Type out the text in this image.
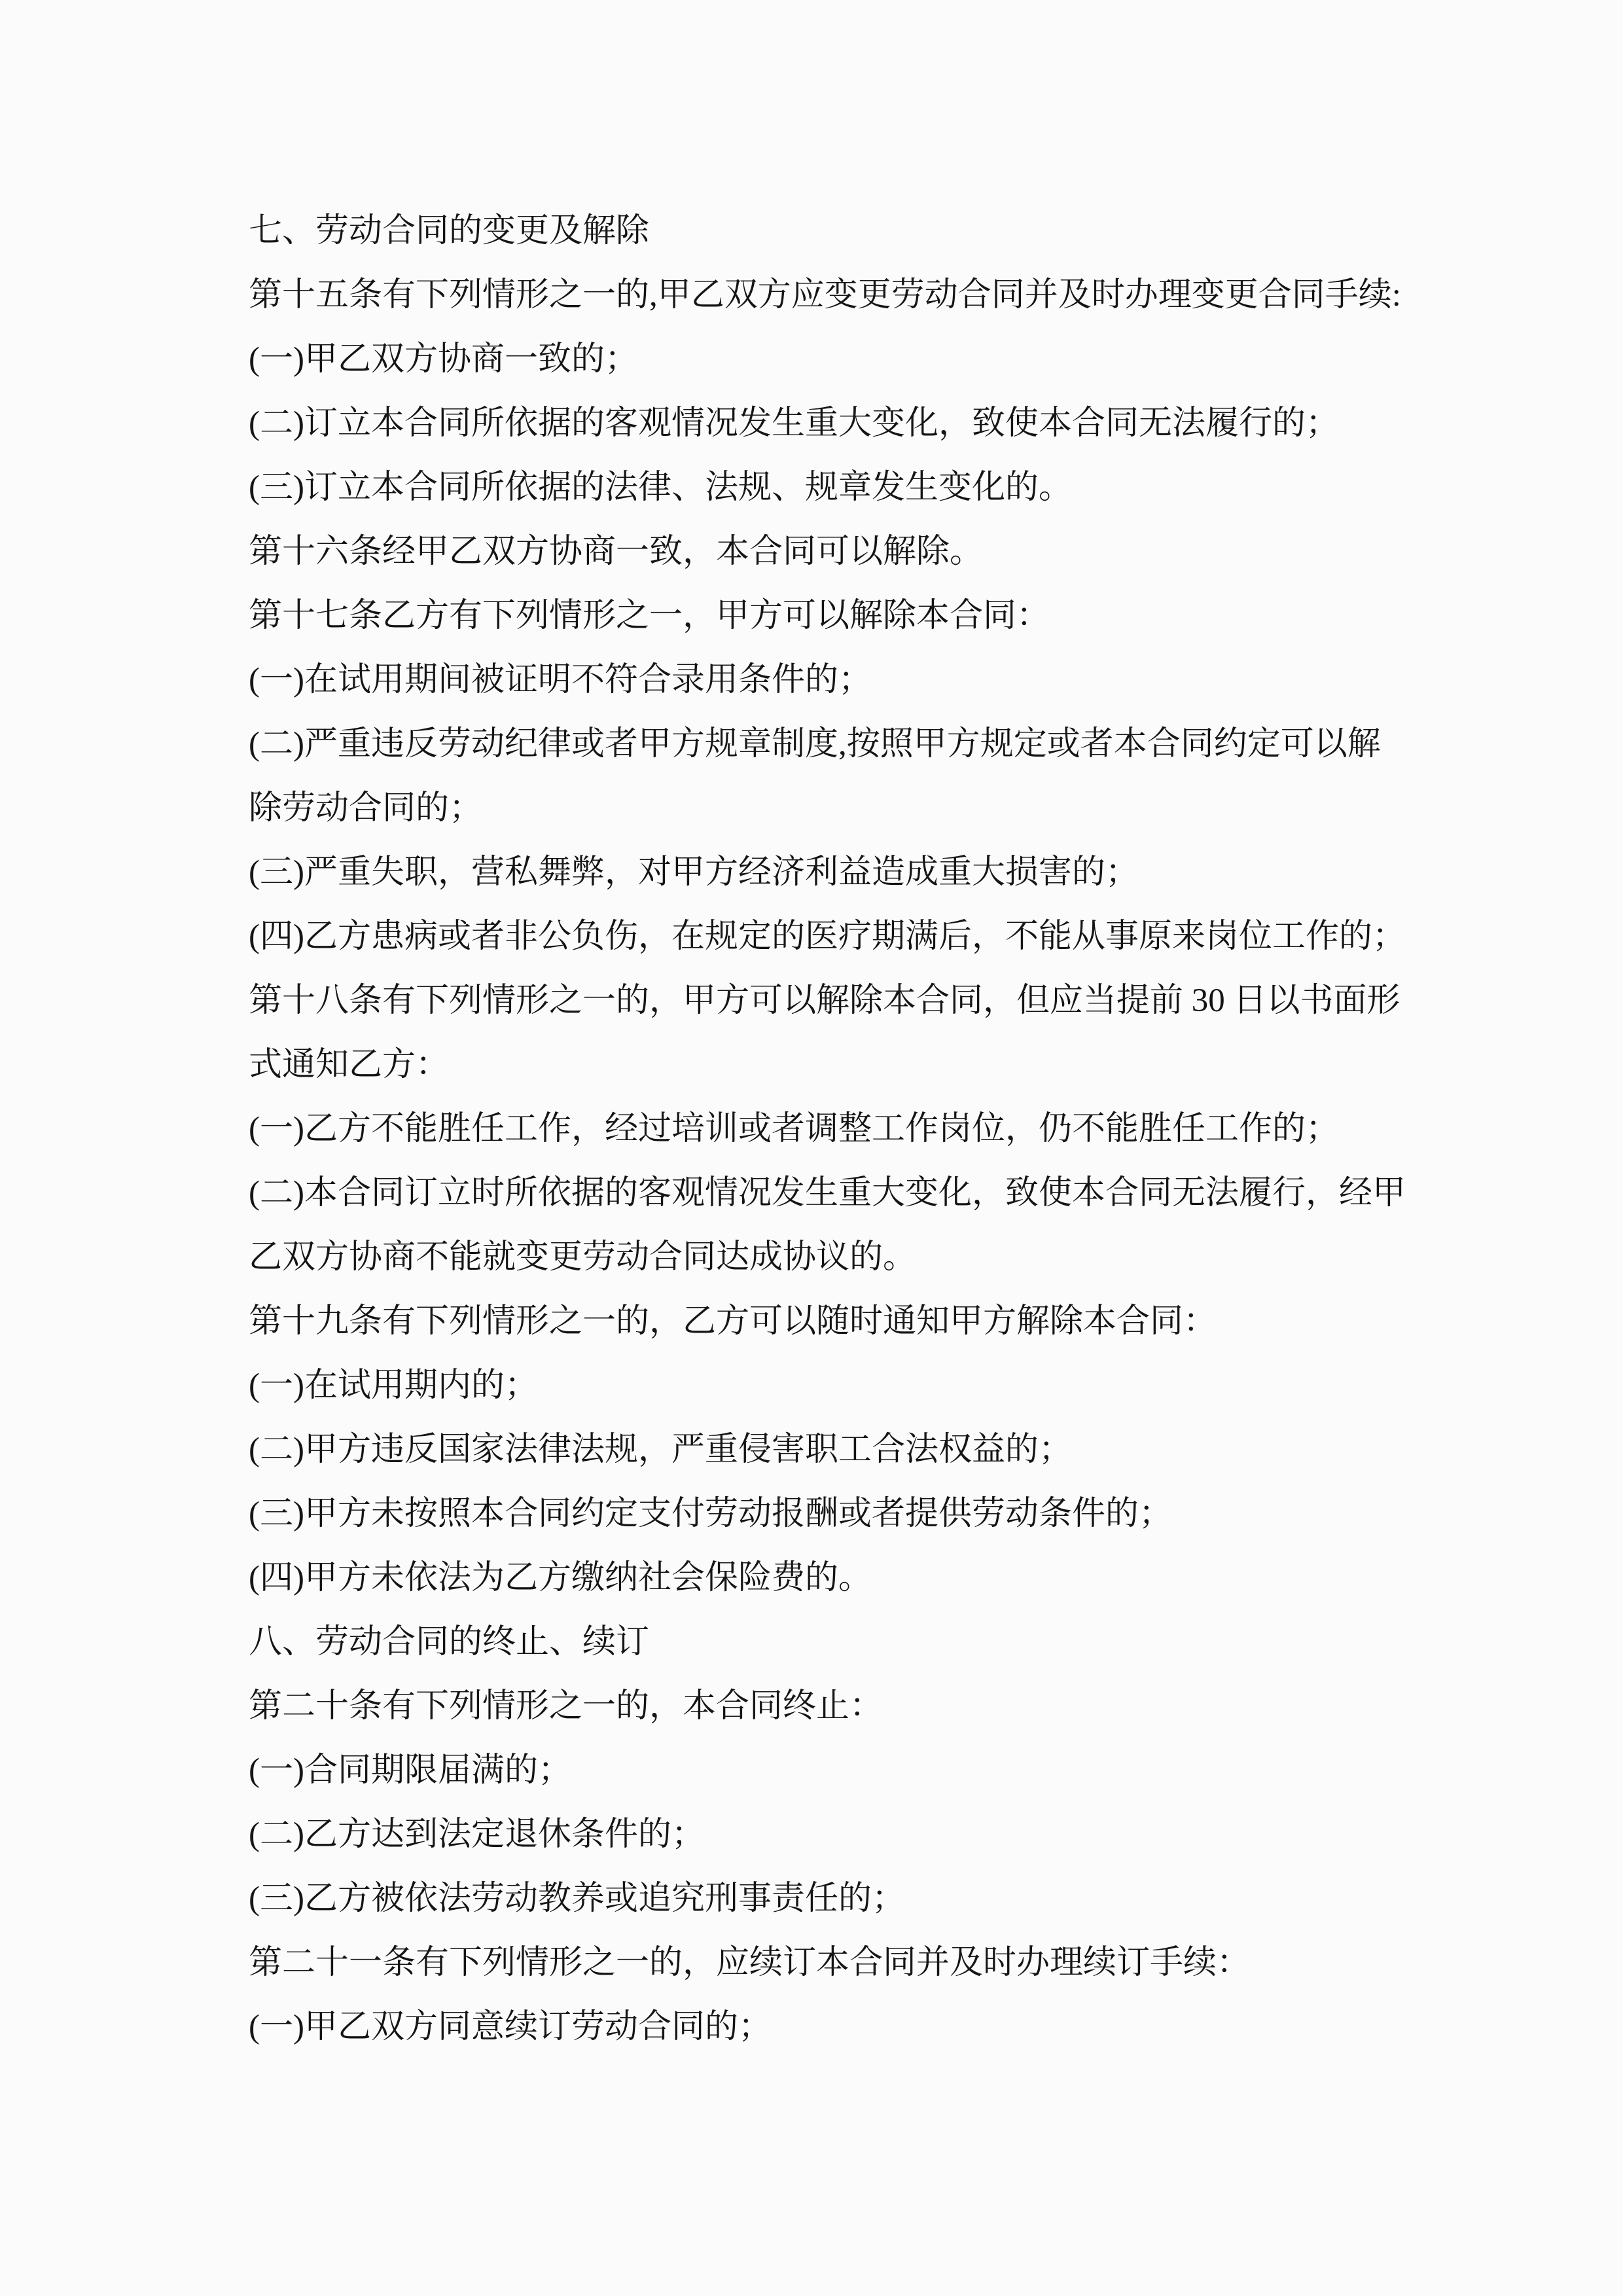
七、劳动合同的变更及解除
第十五条有下列情形之一的,甲乙双方应变更劳动合同并及时办理变更合同手续:
(一)甲乙双方协商一致的；
(二)订立本合同所依据的客观情况发生重大变化，致使本合同无法履行的；
(三)订立本合同所依据的法律、法规、规章发生变化的。
第十六条经甲乙双方协商一致，本合同可以解除。
第十七条乙方有下列情形之一，甲方可以解除本合同：
(一)在试用期间被证明不符合录用条件的；
(二)严重违反劳动纪律或者甲方规章制度,按照甲方规定或者本合同约定可以解
除劳动合同的；
(三)严重失职，营私舞弊，对甲方经济利益造成重大损害的；
(四)乙方患病或者非公负伤，在规定的医疗期满后，不能从事原来岗位工作的；
第十八条有下列情形之一的，甲方可以解除本合同，但应当提前 30 日以书面形
式通知乙方：
(一)乙方不能胜任工作，经过培训或者调整工作岗位，仍不能胜任工作的；
(二)本合同订立时所依据的客观情况发生重大变化，致使本合同无法履行，经甲
乙双方协商不能就变更劳动合同达成协议的。
第十九条有下列情形之一的，乙方可以随时通知甲方解除本合同：
(一)在试用期内的；
(二)甲方违反国家法律法规，严重侵害职工合法权益的；
(三)甲方未按照本合同约定支付劳动报酬或者提供劳动条件的；
(四)甲方未依法为乙方缴纳社会保险费的。
八、劳动合同的终止、续订
第二十条有下列情形之一的，本合同终止：
(一)合同期限届满的；
(二)乙方达到法定退休条件的；
(三)乙方被依法劳动教养或追究刑事责任的；
第二十一条有下列情形之一的，应续订本合同并及时办理续订手续：
(一)甲乙双方同意续订劳动合同的；
